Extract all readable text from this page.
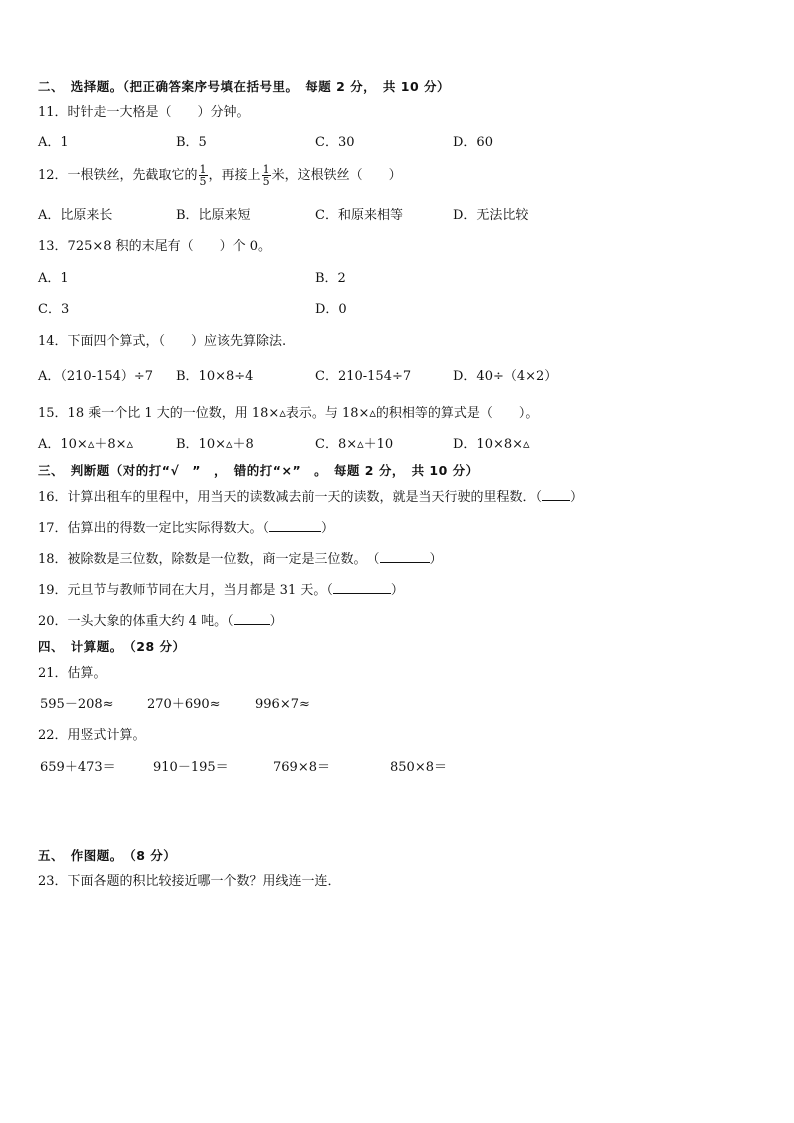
二、　选择题。（把正确答案序号填在括号里。　每题 2 分，　共 10 分）
11．时针走一大格是（　　）分钟。
A．1	B．5	C．30	D．60
12．一根铁丝，先截取它的 $\frac{1}{5}$ ，再接上 $\frac{1}{5}$ 米，这根铁丝（　　）
A．比原来长	B．比原来短	C．和原来相等	D．无法比较
13．725×8 积的末尾有（　　）个 0。
A．1	B．2
C．3	D．0
14．下面四个算式，（　　）应该先算除法.
A．（210-154）÷7 B．10×8÷4	C．210-154÷7	D．40÷（4×2）
15．18 乘一个比 1 大的一位数，用 18×▵表示。与 18×▵的积相等的算式是（　　）。
A．10×▵＋8×▵	B．10×▵＋8	C．8×▵＋10	D．10×8×▵
三、　判断题（对的打“√　”　，　错的打“×”　。　每题 2 分，　共 10 分）
16．计算出租车的里程中，用当天的读数减去前一天的读数，就是当天行驶的里程数．（ ）
17．估算出的得数一定比实际得数大。（	）
18．被除数是三位数，除数是一位数，商一定是三位数。　（	）
19．元旦节与教师节同在大月，当月都是 31 天。（	）
20．一头大象的体重大约 4 吨。（	）
四、　计算题。　（28 分）
21．估算。
595－208≈	270＋690≈	996×7≈
22．用竖式计算。
659＋473＝	910－195＝	769×8＝	850×8＝
五、　作图题。　（8 分）
23．下面各题的积比较接近哪一个数？用线连一连．
